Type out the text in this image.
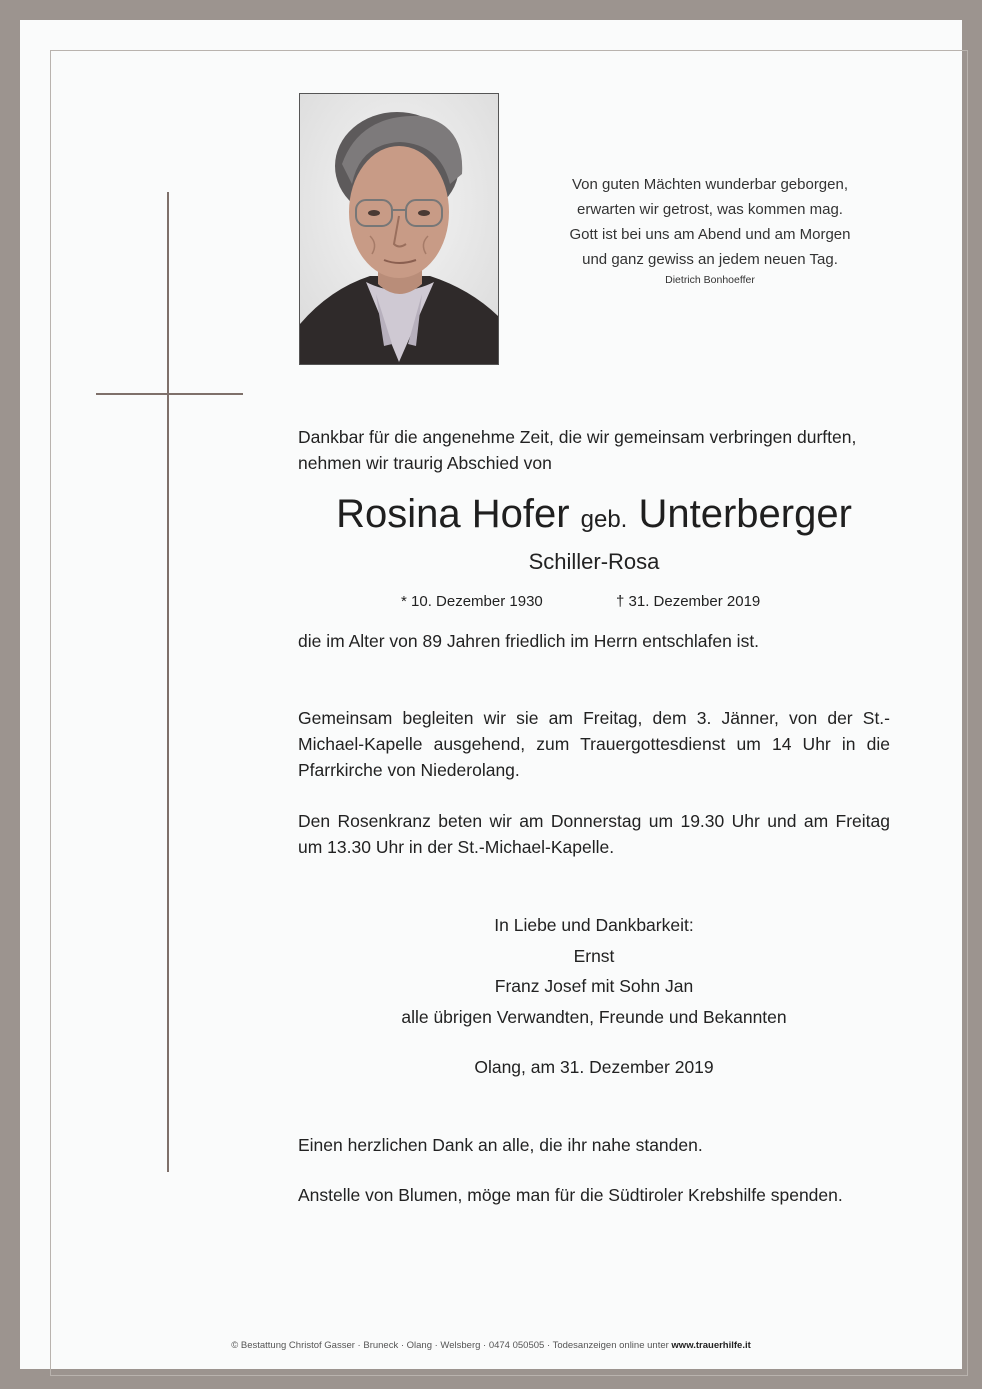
Von guten Mächten wunderbar geborgen,
erwarten wir getrost, was kommen mag.
Gott ist bei uns am Abend und am Morgen
und ganz gewiss an jedem neuen Tag.
Dietrich Bonhoeffer
Dankbar für die angenehme Zeit, die wir gemeinsam verbringen durften, nehmen wir traurig Abschied von
Rosina Hofer geb. Unterberger
Schiller-Rosa
* 10. Dezember 1930	† 31. Dezember 2019
die im Alter von 89 Jahren friedlich im Herrn entschlafen ist.
Gemeinsam begleiten wir sie am Freitag, dem 3. Jänner, von der St.-Michael-Kapelle ausgehend, zum Trauergottesdienst um 14 Uhr in die Pfarrkirche von Niederolang.
Den Rosenkranz beten wir am Donnerstag um 19.30 Uhr und am Freitag um 13.30 Uhr in der St.-Michael-Kapelle.
In Liebe und Dankbarkeit:
Ernst
Franz Josef mit Sohn Jan
alle übrigen Verwandten, Freunde und Bekannten
Olang, am 31. Dezember 2019
Einen herzlichen Dank an alle, die ihr nahe standen.
Anstelle von Blumen, möge man für die Südtiroler Krebshilfe spenden.
© Bestattung Christof Gasser · Bruneck · Olang · Welsberg · 0474 050505 · Todesanzeigen online unter www.trauerhilfe.it
